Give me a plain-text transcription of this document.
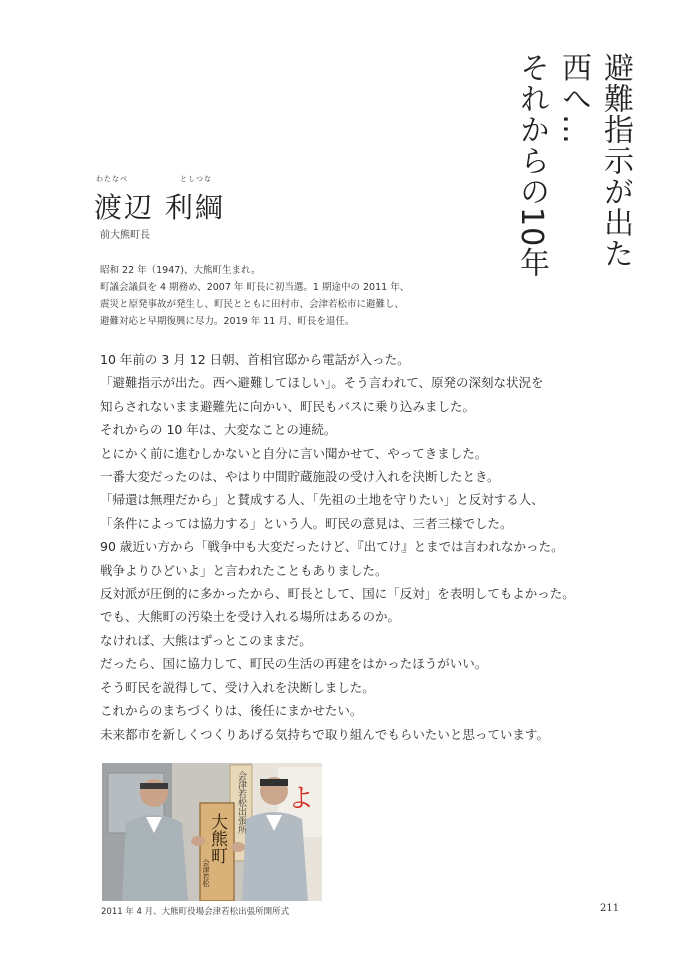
避難指示が出た
西へ…
それからの10年
わたなべ	としつな
渡辺 利綱
前大熊町長
昭和 22 年（1947)、大熊町生まれ。
町議会議員を 4 期務め、2007 年 町長に初当選。1 期途中の 2011 年、
震災と原発事故が発生し、町民とともに田村市、会津若松市に避難し、
避難対応と早期復興に尽力。2019 年 11 月、町長を退任。
10 年前の 3 月 12 日朝、首相官邸から電話が入った。
「避難指示が出た。西へ避難してほしい」。そう言われて、原発の深刻な状況を
知らされないまま避難先に向かい、町民もバスに乗り込みました。
それからの 10 年は、大変なことの連続。
とにかく前に進むしかないと自分に言い聞かせて、やってきました。
一番大変だったのは、やはり中間貯蔵施設の受け入れを決断したとき。
「帰還は無理だから」と賛成する人、「先祖の土地を守りたい」と反対する人、
「条件によっては協力する」という人。町民の意見は、三者三様でした。
90 歳近い方から「戦争中も大変だったけど、『出てけ』とまでは言われなかった。
戦争よりひどいよ」と言われたこともありました。
反対派が圧倒的に多かったから、町長として、国に「反対」を表明してもよかった。
でも、大熊町の汚染土を受け入れる場所はあるのか。
なければ、大熊はずっとこのままだ。
だったら、国に協力して、町民の生活の再建をはかったほうがいい。
そう町民を説得して、受け入れを決断しました。
これからのまちづくりは、後任にまかせたい。
未来都市を新しくつくりあげる気持ちで取り組んでもらいたいと思っています。
よ
会津若松出張所
大熊町
会津若松
2011 年 4 月、大熊町役場会津若松出張所開所式	211
